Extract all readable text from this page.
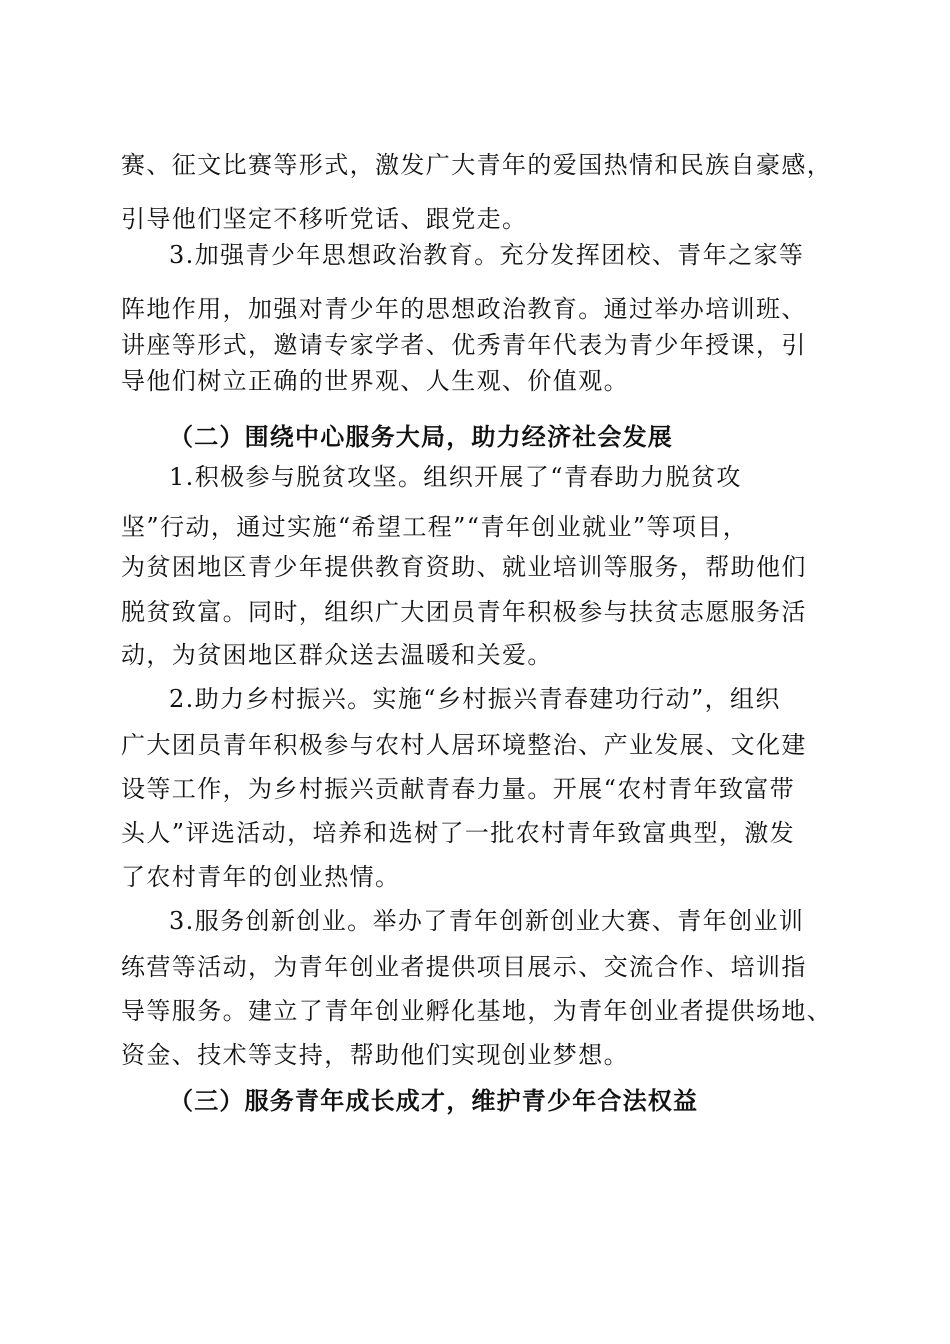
赛、征文比赛等形式，激发广大青年的爱国热情和民族自豪感，
引导他们坚定不移听党话、跟党走。
3.加强青少年思想政治教育。充分发挥团校、青年之家等
阵地作用，加强对青少年的思想政治教育。通过举办培训班、
讲座等形式，邀请专家学者、优秀青年代表为青少年授课，引
导他们树立正确的世界观、人生观、价值观。
（二）围绕中心服务大局，助力经济社会发展
1.积极参与脱贫攻坚。组织开展了“青春助力脱贫攻
坚”行动，通过实施“希望工程”“青年创业就业”等项目，
为贫困地区青少年提供教育资助、就业培训等服务，帮助他们
脱贫致富。同时，组织广大团员青年积极参与扶贫志愿服务活
动，为贫困地区群众送去温暖和关爱。
2.助力乡村振兴。实施“乡村振兴青春建功行动”，组织
广大团员青年积极参与农村人居环境整治、产业发展、文化建
设等工作，为乡村振兴贡献青春力量。开展“农村青年致富带
头人”评选活动，培养和选树了一批农村青年致富典型，激发
了农村青年的创业热情。
3.服务创新创业。举办了青年创新创业大赛、青年创业训
练营等活动，为青年创业者提供项目展示、交流合作、培训指
导等服务。建立了青年创业孵化基地，为青年创业者提供场地、
资金、技术等支持，帮助他们实现创业梦想。
（三）服务青年成长成才，维护青少年合法权益
